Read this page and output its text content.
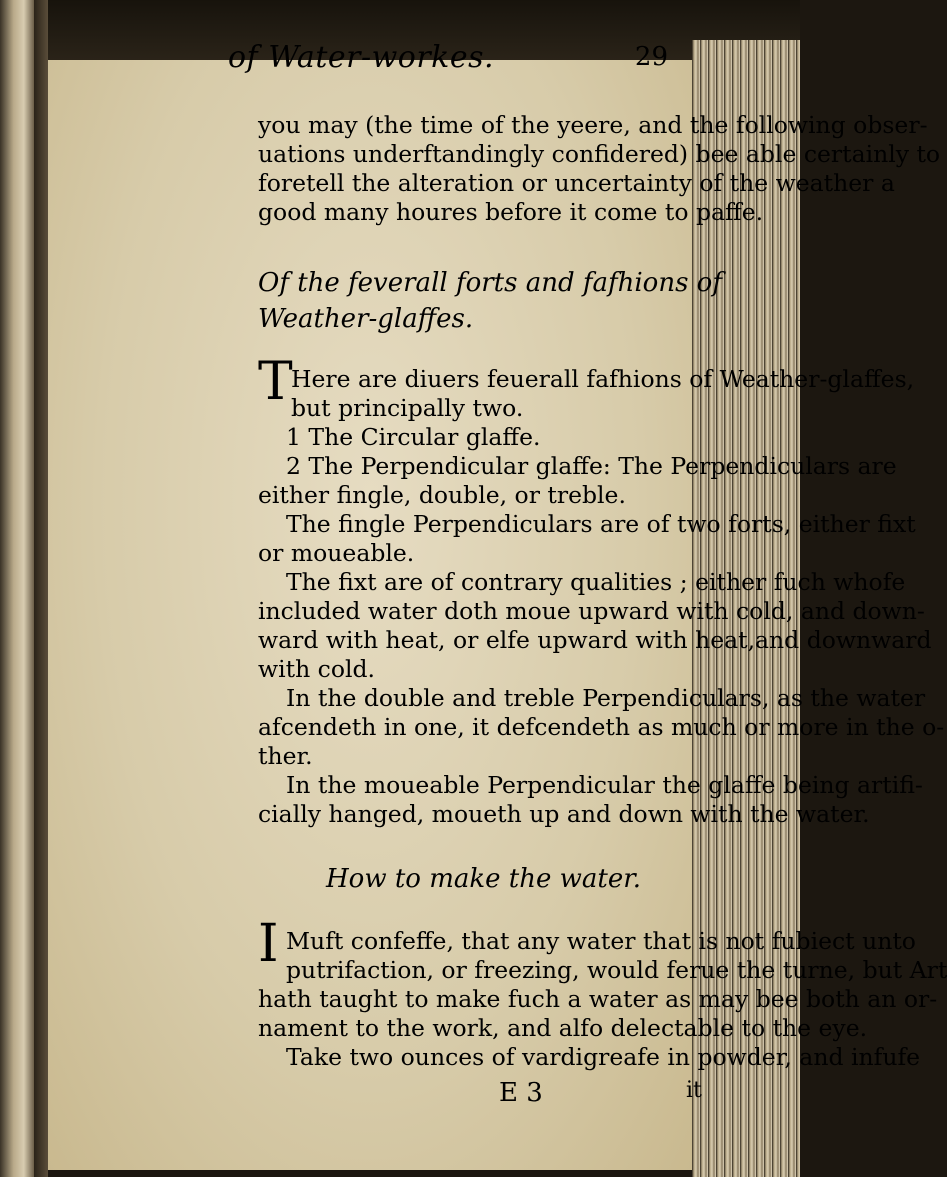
of Water-workes.	29
you may (the time of the yeere, and the following obser-
uations underftandingly confidered) bee able certainly to
foretell the alteration or uncertainty of the weather a
good many houres before it come to paffe.
Of the feverall forts and fafhions of
Weather-glaffes.
T
Here are diuers feuerall fafhions of Weather-glaffes,
but principally two.
1 The Circular glaffe.
2 The Perpendicular glaffe: The Perpendiculars are
either fingle, double, or treble.
The fingle Perpendiculars are of two forts, either fixt
or moueable.
The fixt are of contrary qualities ; either fuch whofe
included water doth moue upward with cold, and down-
ward with heat, or elfe upward with heat,and downward
with cold.
In the double and treble Perpendiculars, as the water
afcendeth in one, it defcendeth as much or more in the o-
ther.
In the moueable Perpendicular the glaffe being artifi-
cially hanged, moueth up and down with the water.
How to make the water.
I Muft confeffe, that any water that is not fubiect unto
putrifaction, or freezing, would ferue the turne, but Art
hath taught to make fuch a water as may bee both an or-
nament to the work, and alfo delectable to the eye.
Take two ounces of vardigreafe in powder, and infufe
E 3	it
